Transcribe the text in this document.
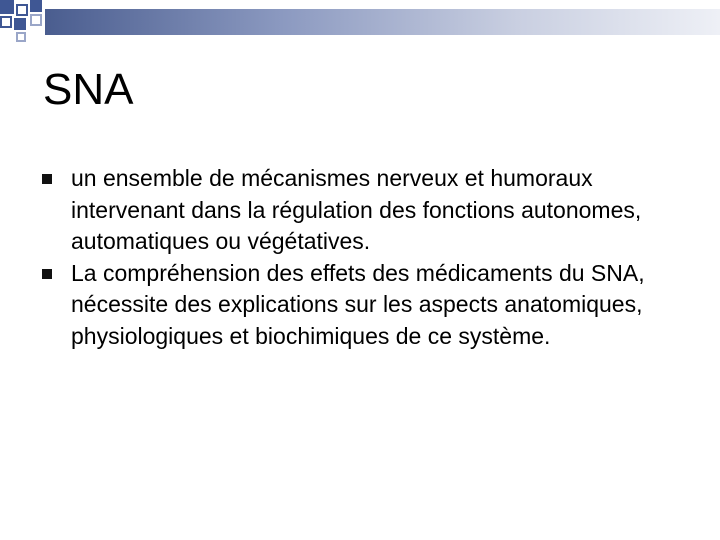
SNA
un ensemble de mécanismes nerveux et humoraux intervenant dans la régulation des fonctions autonomes, automatiques ou végétatives.
La compréhension des effets des médicaments du SNA, nécessite des explications sur les aspects anatomiques, physiologiques et biochimiques de ce système.
